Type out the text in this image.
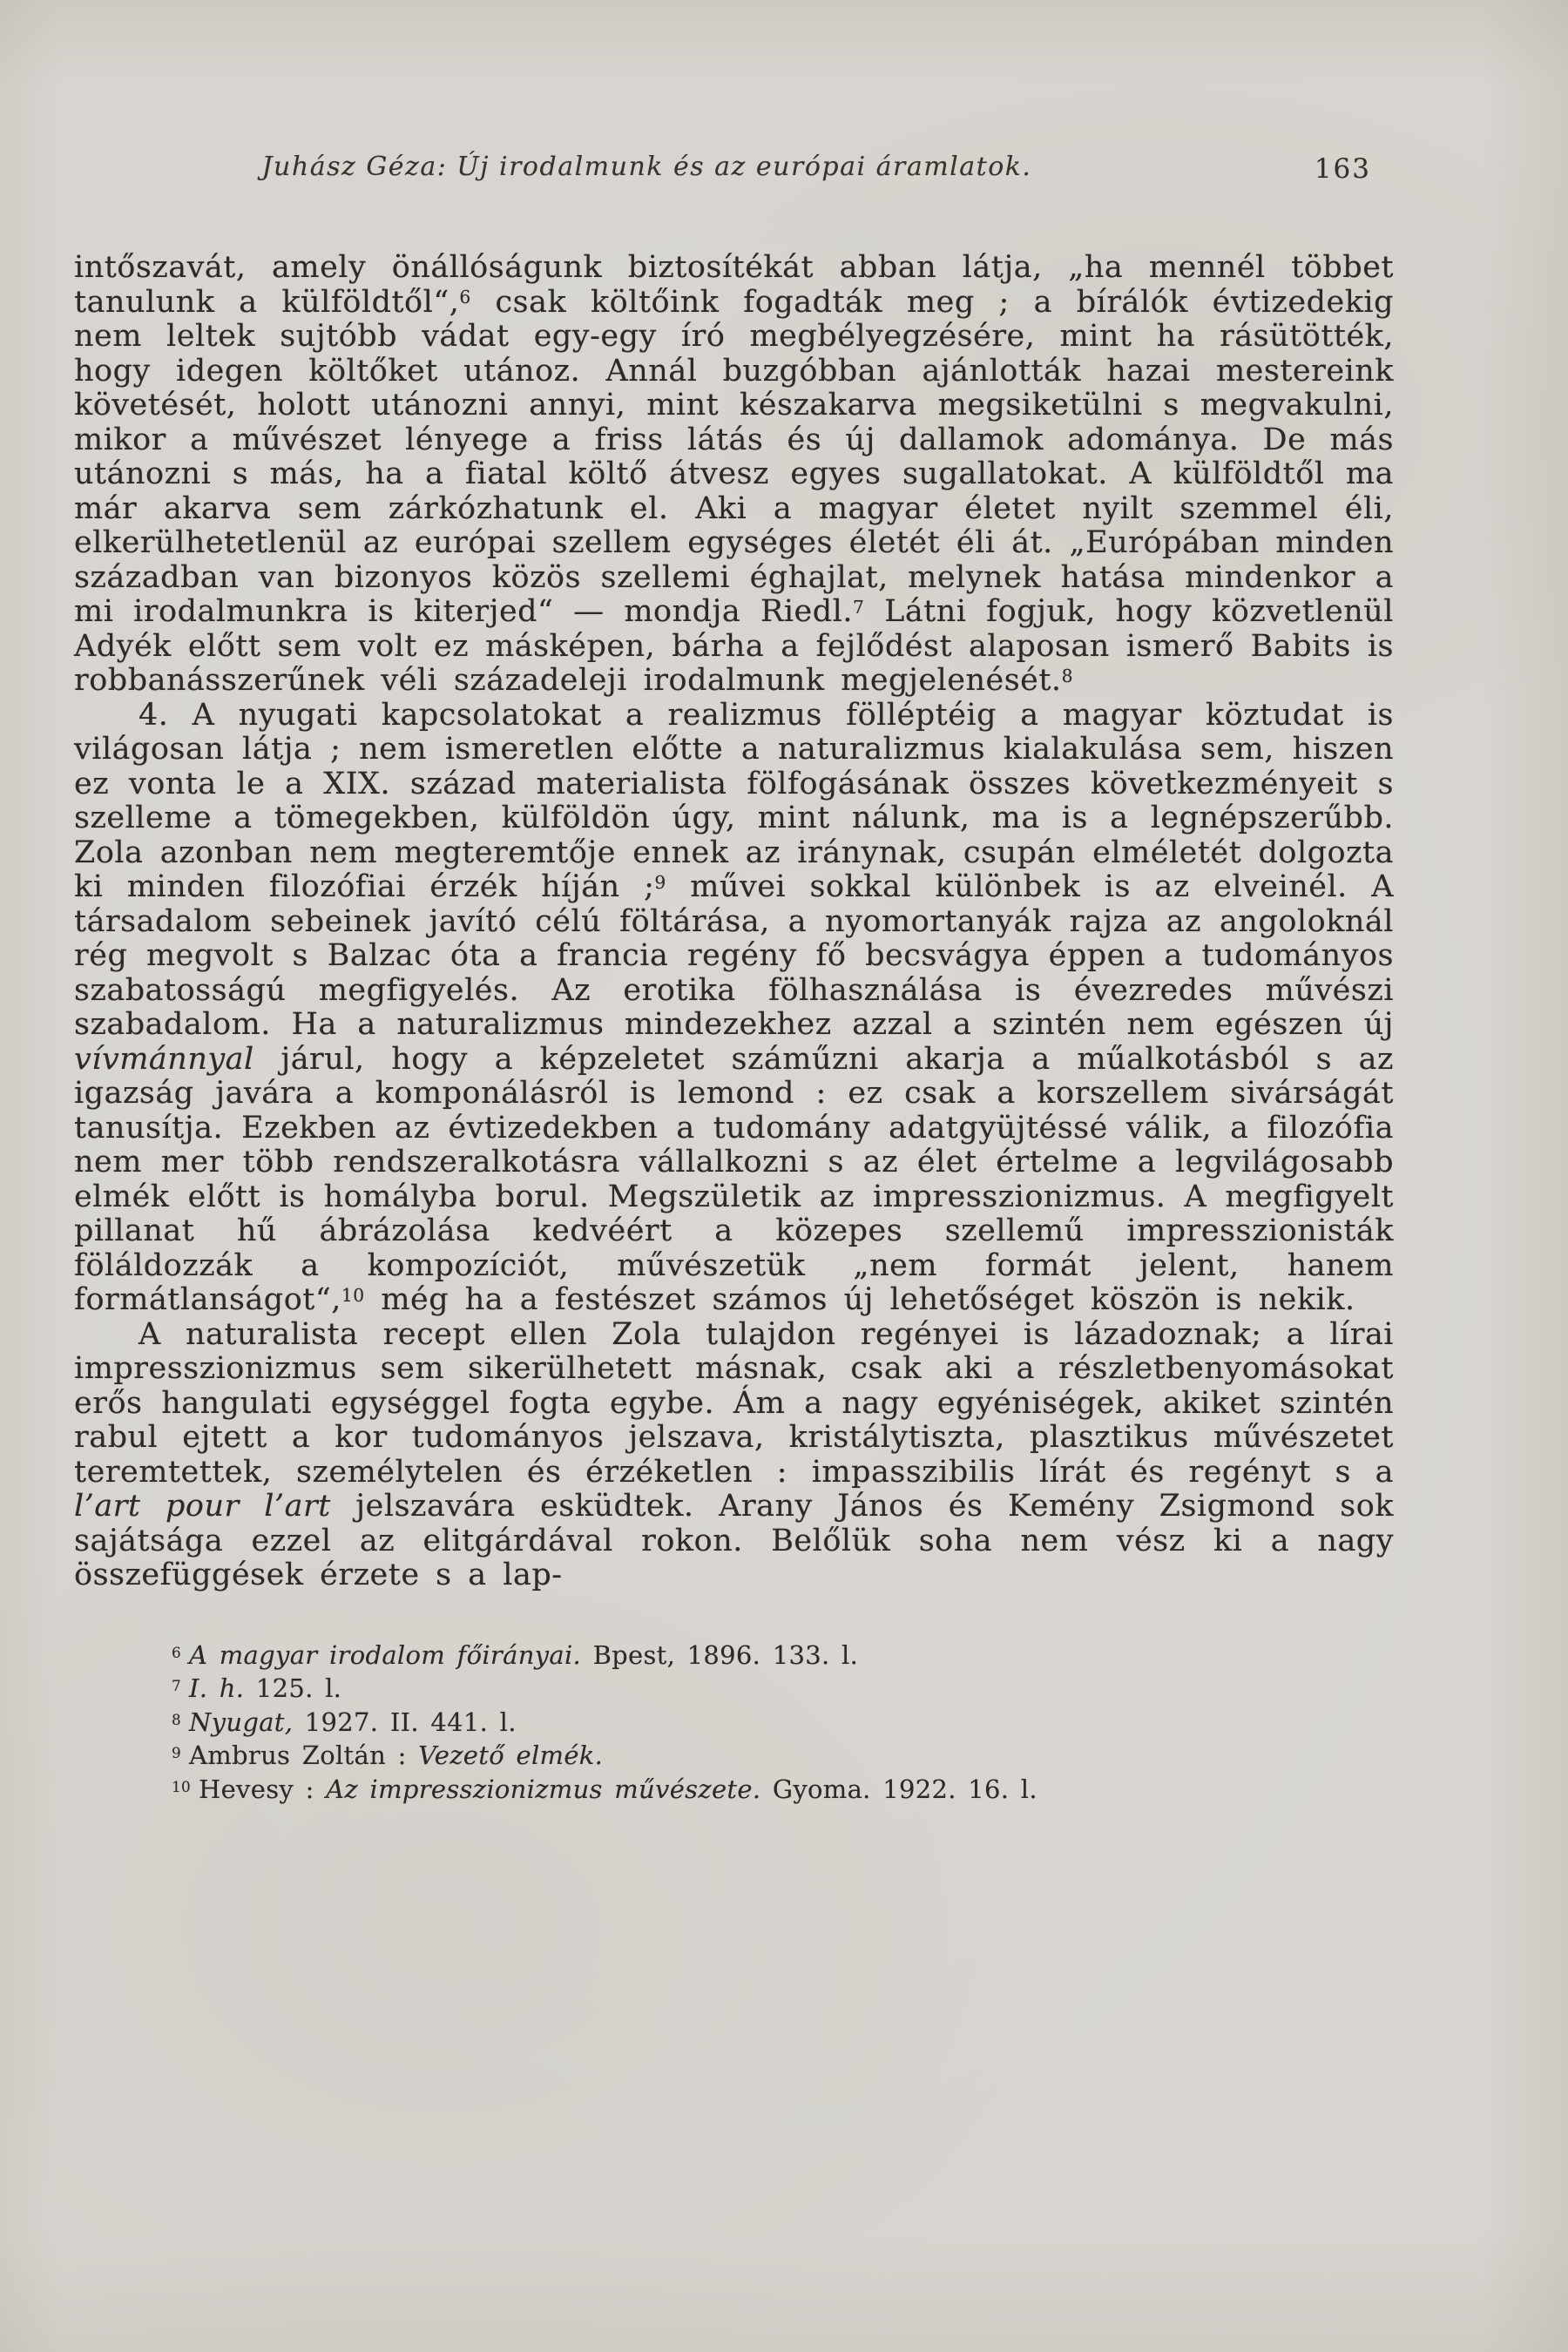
Juhász Géza: Új irodalmunk és az európai áramlatok.	163

intőszavát, amely önállóságunk biztosítékát abban látja, „ha mennél többet tanulunk a külföldtől“,$^6$ csak költőink fogadták meg ; a bírálók évtizedekig nem leltek sujtóbb vádat egy-egy író megbélyegzésére, mint ha rásütötték, hogy idegen költőket utánoz. Annál buzgóbban ajánlották hazai mestereink követését, holott utánozni annyi, mint készakarva megsiketülni s megvakulni, mikor a művészet lényege a friss látás és új dallamok adománya. De más utánozni s más, ha a fiatal költő átvesz egyes sugallatokat. A külföldtől ma már akarva sem zárkózhatunk el. Aki a magyar életet nyilt szemmel éli, elkerülhetetlenül az európai szellem egységes életét éli át. „Európában minden században van bizonyos közös szellemi éghajlat, melynek hatása mindenkor a mi irodalmunkra is kiterjed“ — mondja Riedl.$^7$ Látni fogjuk, hogy közvetlenül Adyék előtt sem volt ez másképen, bárha a fejlődést alaposan ismerő Babits is robbanásszerűnek véli századeleji irodalmunk megjelenését.$^8$

4. A nyugati kapcsolatokat a realizmus fölléptéig a magyar köztudat is világosan látja ; nem ismeretlen előtte a naturalizmus kialakulása sem, hiszen ez vonta le a XIX. század materialista fölfogásának összes következményeit s szelleme a tömegekben, külföldön úgy, mint nálunk, ma is a legnépszerűbb. Zola azonban nem megteremtője ennek az iránynak, csupán elméletét dolgozta ki minden filozófiai érzék híján ;$^9$ művei sokkal különbek is az elveinél. A társadalom sebeinek javító célú föltárása, a nyomortanyák rajza az angoloknál rég megvolt s Balzac óta a francia regény fő becsvágya éppen a tudományos szabatosságú megfigyelés. Az erotika fölhasználása is évezredes művészi szabadalom. Ha a naturalizmus mindezekhez azzal a szintén nem egészen új vívmánnyal járul, hogy a képzeletet száműzni akarja a műalkotásból s az igazság javára a komponálásról is lemond : ez csak a korszellem sivárságát tanusítja. Ezekben az évtizedekben a tudomány adatgyüjtéssé válik, a filozófia nem mer több rendszeralkotásra vállalkozni s az élet értelme a legvilágosabb elmék előtt is homályba borul. Megszületik az impresszionizmus. A megfigyelt pillanat hű ábrázolása kedvéért a közepes szellemű impresszionisták föláldozzák a kompozíciót, művészetük „nem formát jelent, hanem formátlanságot“,$^{10}$ még ha a festészet számos új lehetőséget köszön is nekik.

A naturalista recept ellen Zola tulajdon regényei is lázadoznak; a lírai impresszionizmus sem sikerülhetett másnak, csak aki a részletbenyomásokat erős hangulati egységgel fogta egybe. Ám a nagy egyéniségek, akiket szintén rabul ejtett a kor tudományos jelszava, kristálytiszta, plasztikus művészetet teremtettek, személytelen és érzéketlen : impasszibilis lírát és regényt s a l’art pour l’art jelszavára esküdtek. Arany János és Kemény Zsigmond sok sajátsága ezzel az elitgárdával rokon. Belőlük soha nem vész ki a nagy összefüggések érzete s a lap-

$^6$ A magyar irodalom főirányai. Bpest, 1896. 133. l.
$^7$ I. h. 125. l.
$^8$ Nyugat, 1927. II. 441. l.
$^9$ Ambrus Zoltán : Vezető elmék.
$^{10}$ Hevesy : Az impresszionizmus művészete. Gyoma. 1922. 16. l.
